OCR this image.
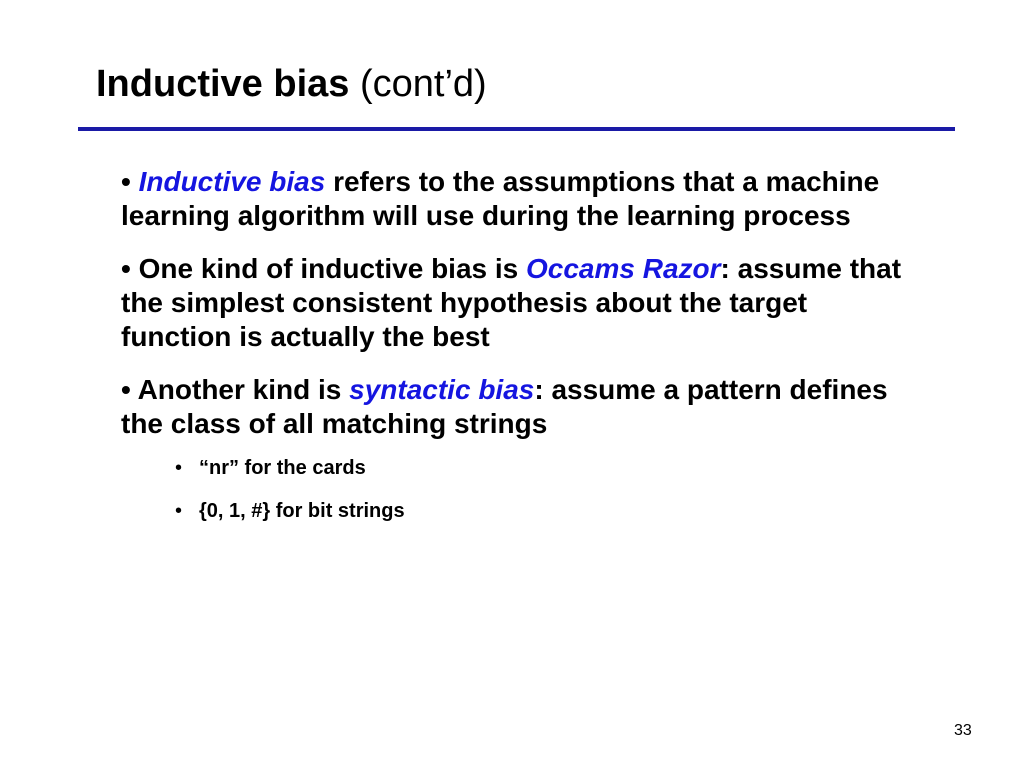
Inductive bias (cont’d)
• Inductive bias refers to the assumptions that a machine learning algorithm will use during the learning process
• One kind of inductive bias is Occams Razor: assume that the simplest consistent hypothesis about the target function is actually the best
• Another kind is syntactic bias: assume a pattern defines the class of all matching strings
• “nr” for the cards
• {0, 1, #} for bit strings
33
